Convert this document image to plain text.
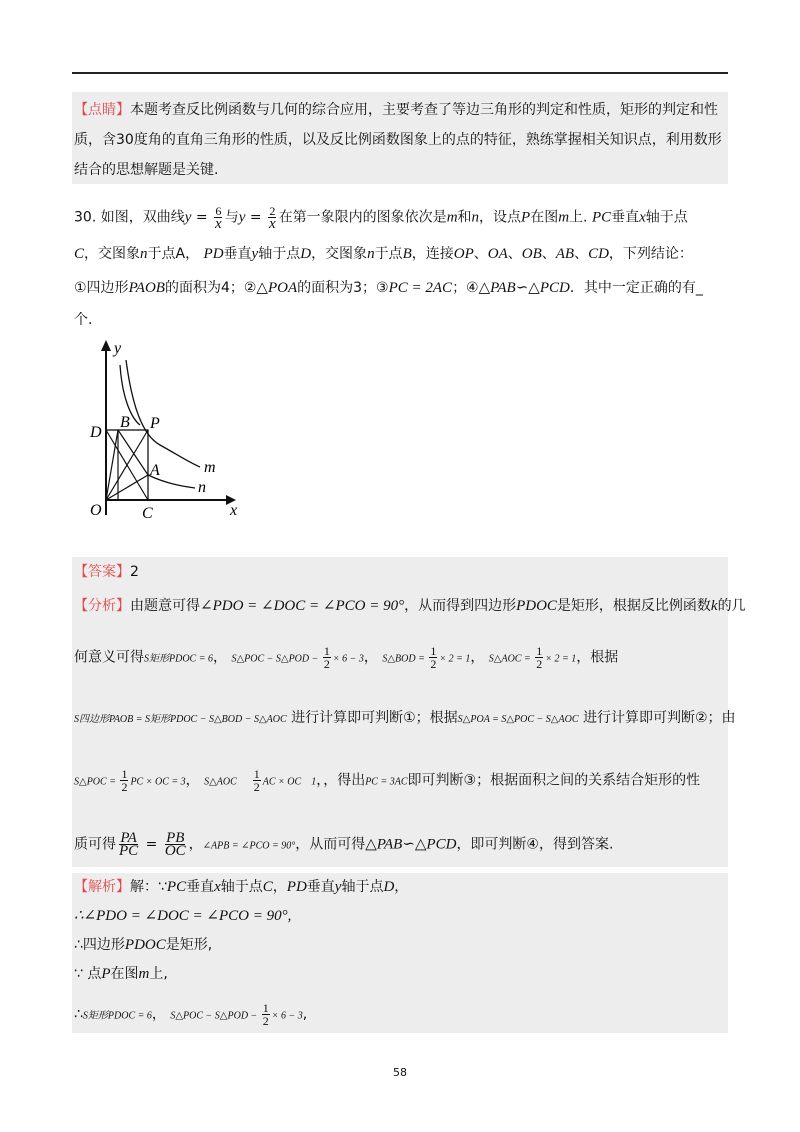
【点睛】本题考查反比例函数与几何的综合应用，主要考查了等边三角形的判定和性质，矩形的判定和性
质，含30度角的直角三角形的性质，以及反比例函数图象上的点的特征，熟练掌握相关知识点，利用数形
结合的思想解题是关键.
30. 如图，双曲线$y = \frac{6}{x}$ 与$y = \frac{2}{x}$ 在第一象限内的图象依次是m和n，设点P在图m上. PC垂直x轴于点
C，交图象n于点A， PD垂直y轴于点D，交图象n于点B，连接OP、OA、OB、AB、CD，下列结论：
①四边形PAOB的面积为4；②△POA的面积为3；③PC = 2AC；④△PAB∽△PCD．其中一定正确的有_
个.
y
x
O	C
D
B P
A	m
n
【答案】2
【分析】由题意可得∠PDO = ∠DOC = ∠PCO = 90°，从而得到四边形PDOC是矩形，根据反比例函数k的几
何意义可得S矩形PDOC = 6， S△POC − S△POD − $\frac{1}{2} \times 6 - 3$， S△BOD = $\frac{1}{2} \times 2 = 1$， S△AOC = $\frac{1}{2} \times 2 = 1$，根据
S四边形PAOB = S矩形PDOC − S△BOD − S△AOC 进行计算即可判断①；根据S△POA = S△POC − S△AOC 进行计算即可判断②；由
S△POC = $\frac{1}{2}$ PC × OC = 3， S△AOC　 $\frac{1}{2}$ AC × OC　1，，得出PC = 3AC即可判断③；根据面积之间的关系结合矩形的性
质可得 $\frac{PA}{PC} = \frac{PB}{OC}$ ，∠APB = ∠PCO = 90°，从而可得△PAB∽△PCD，即可判断④，得到答案.
【解析】解：∵PC垂直x轴于点C，PD垂直y轴于点D，
∴∠PDO = ∠DOC = ∠PCO = 90°,
∴四边形PDOC是矩形,
∵ 点P在图m上,
∴S矩形PDOC = 6， S△POC − S△POD − $\frac{1}{2} \times 6 - 3$,
58
